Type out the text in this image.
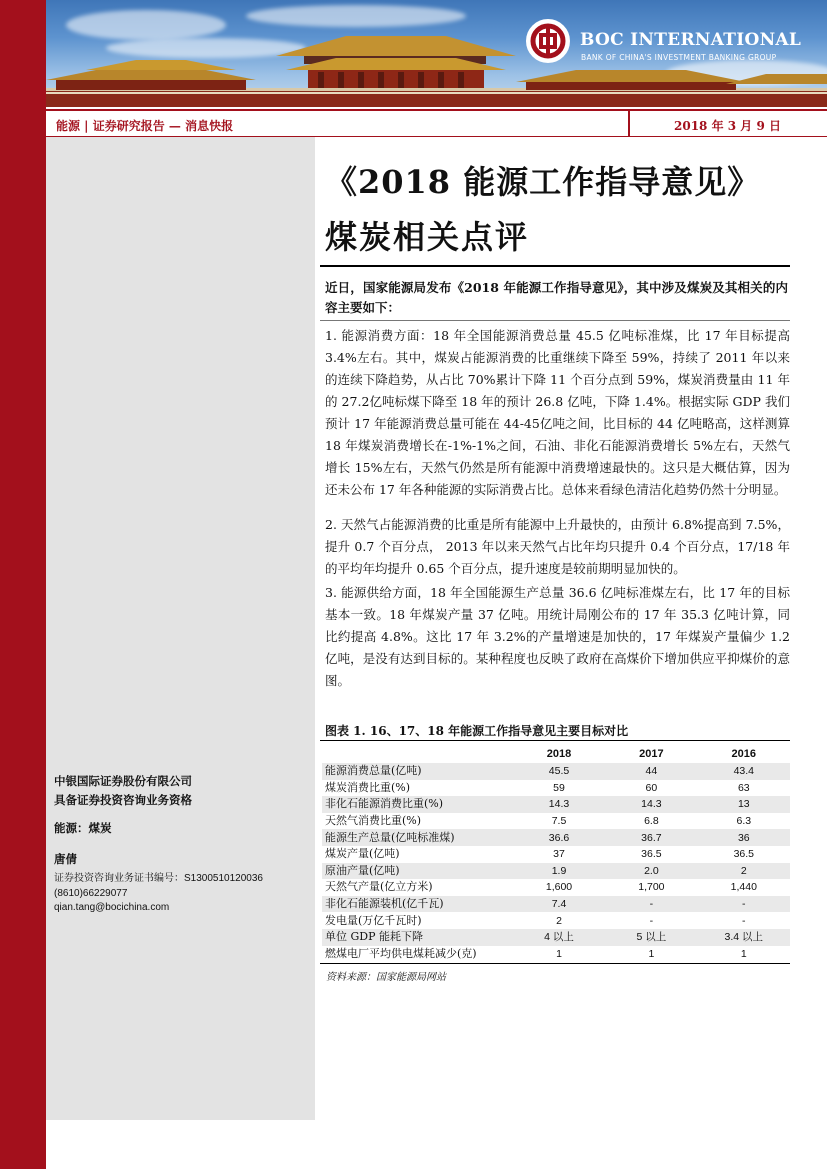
BOC INTERNATIONAL
BANK OF CHINA'S INVESTMENT BANKING GROUP
能源 | 证券研究报告 — 消息快报	2018 年 3 月 9 日
中银国际证券股份有限公司
具备证券投资咨询业务资格
能源：煤炭
唐倩
证券投资咨询业务证书编号：S1300510120036
(8610)66229077
qian.tang@bocichina.com
《2018 能源工作指导意见》
煤炭相关点评
近日，国家能源局发布《2018 年能源工作指导意见》，其中涉及煤炭及其相关的内容主要如下：
1. 能源消费方面：18 年全国能源消费总量 45.5 亿吨标准煤，比 17 年目标提高 3.4%左右。其中，煤炭占能源消费的比重继续下降至 59%，持续了 2011 年以来的连续下降趋势，从占比 70%累计下降 11 个百分点到 59%，煤炭消费量由 11 年的 27.2亿吨标煤下降至 18 年的预计 26.8 亿吨，下降 1.4%。根据实际 GDP 我们预计 17 年能源消费总量可能在 44-45亿吨之间，比目标的 44 亿吨略高，这样测算 18 年煤炭消费增长在-1%-1%之间，石油、非化石能源消费增长 5%左右，天然气增长 15%左右，天然气仍然是所有能源中消费增速最快的。这只是大概估算，因为还未公布 17 年各种能源的实际消费占比。总体来看绿色清洁化趋势仍然十分明显。
2. 天然气占能源消费的比重是所有能源中上升最快的，由预计 6.8%提高到 7.5%，提升 0.7 个百分点， 2013 年以来天然气占比年均只提升 0.4 个百分点，17/18 年的平均年均提升 0.65 个百分点，提升速度是较前期明显加快的。
3. 能源供给方面，18 年全国能源生产总量 36.6 亿吨标准煤左右，比 17 年的目标基本一致。18 年煤炭产量 37 亿吨。用统计局刚公布的 17 年 35.3 亿吨计算，同比约提高 4.8%。这比 17 年 3.2%的产量增速是加快的，17 年煤炭产量偏少 1.2 亿吨，是没有达到目标的。某种程度也反映了政府在高煤价下增加供应平抑煤价的意图。
图表 1. 16、17、18 年能源工作指导意见主要目标对比
	2018	2017	2016
能源消费总量(亿吨)	45.5	44	43.4
煤炭消费比重(%)	59	60	63
非化石能源消费比重(%)	14.3	14.3	13
天然气消费比重(%)	7.5	6.8	6.3
能源生产总量(亿吨标准煤)	36.6	36.7	36
煤炭产量(亿吨)	37	36.5	36.5
原油产量(亿吨)	1.9	2.0	2
天然气产量(亿立方米)	1,600	1,700	1,440
非化石能源装机(亿千瓦)	7.4	-	-
发电量(万亿千瓦时)	2	-	-
单位 GDP 能耗下降	4 以上	5 以上	3.4 以上
燃煤电厂平均供电煤耗减少(克)	1	1	1
资料来源：国家能源局网站
